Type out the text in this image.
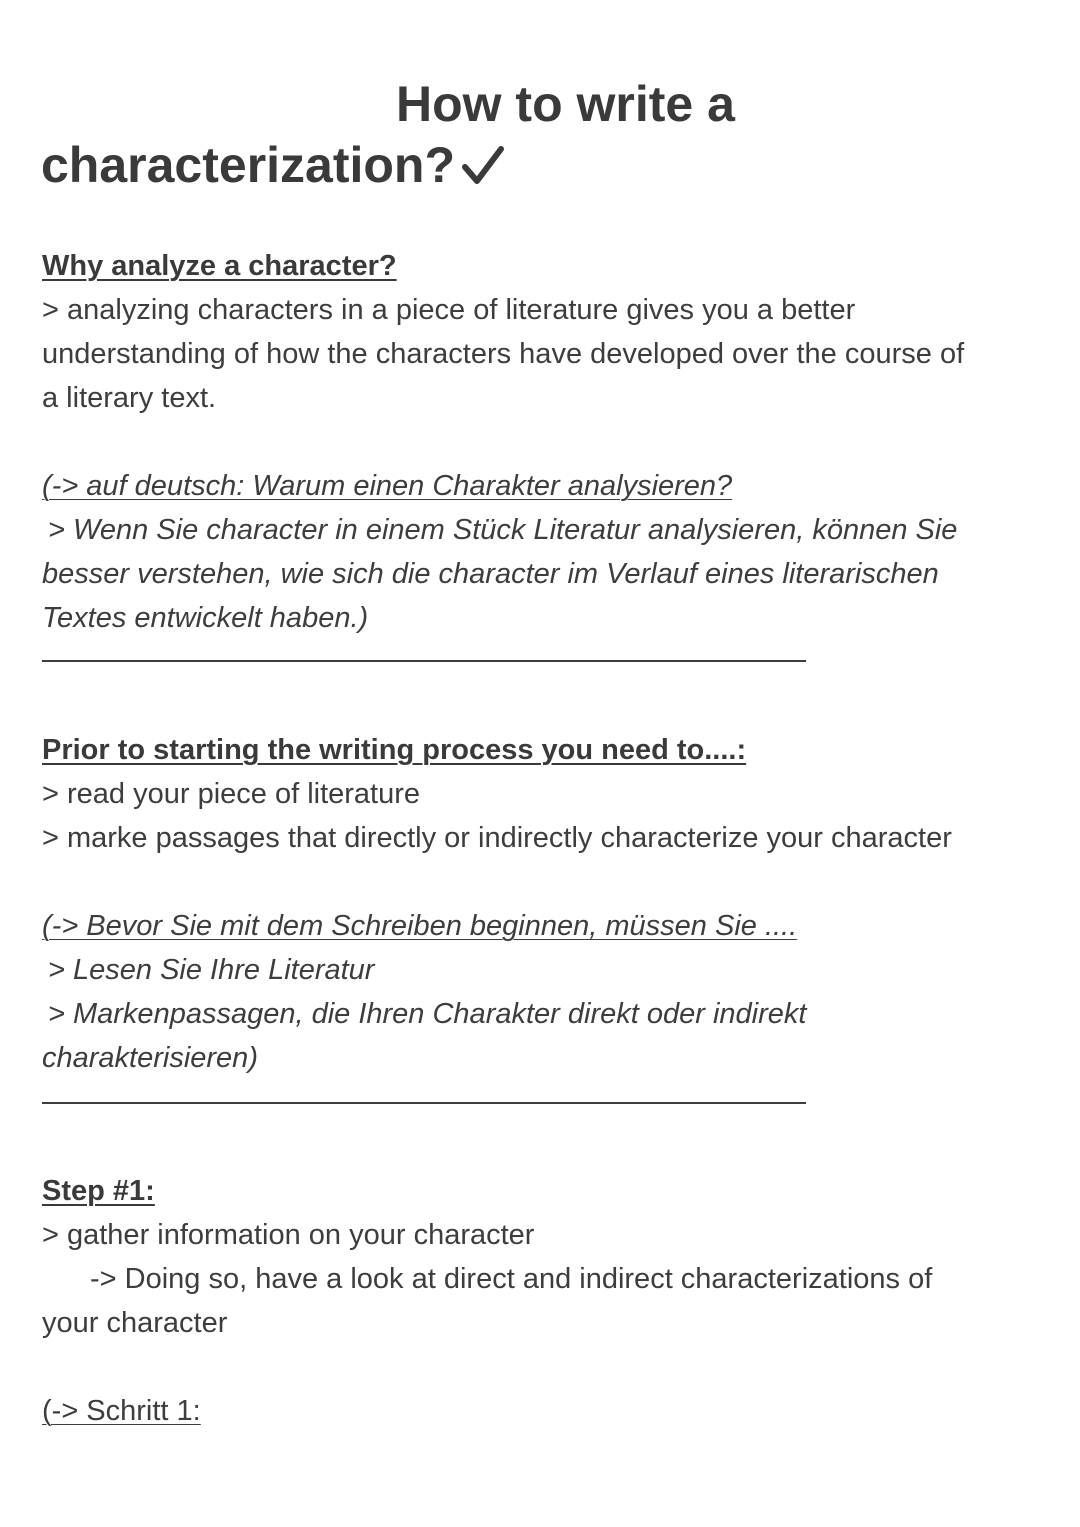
How to write a
characterization?
Why analyze a character?
> analyzing characters in a piece of literature gives you a better
understanding of how the characters have developed over the course of
a literary text.
(-> auf deutsch: Warum einen Charakter analysieren?
> Wenn Sie character in einem Stück Literatur analysieren, können Sie
besser verstehen, wie sich die character im Verlauf eines literarischen
Textes entwickelt haben.)
Prior to starting the writing process you need to....:
> read your piece of literature
> marke passages that directly or indirectly characterize your character
(-> Bevor Sie mit dem Schreiben beginnen, müssen Sie ....
> Lesen Sie Ihre Literatur
> Markenpassagen, die Ihren Charakter direkt oder indirekt
charakterisieren)
Step #1:
> gather information on your character
-> Doing so, have a look at direct and indirect characterizations of
your character
(-> Schritt 1:
